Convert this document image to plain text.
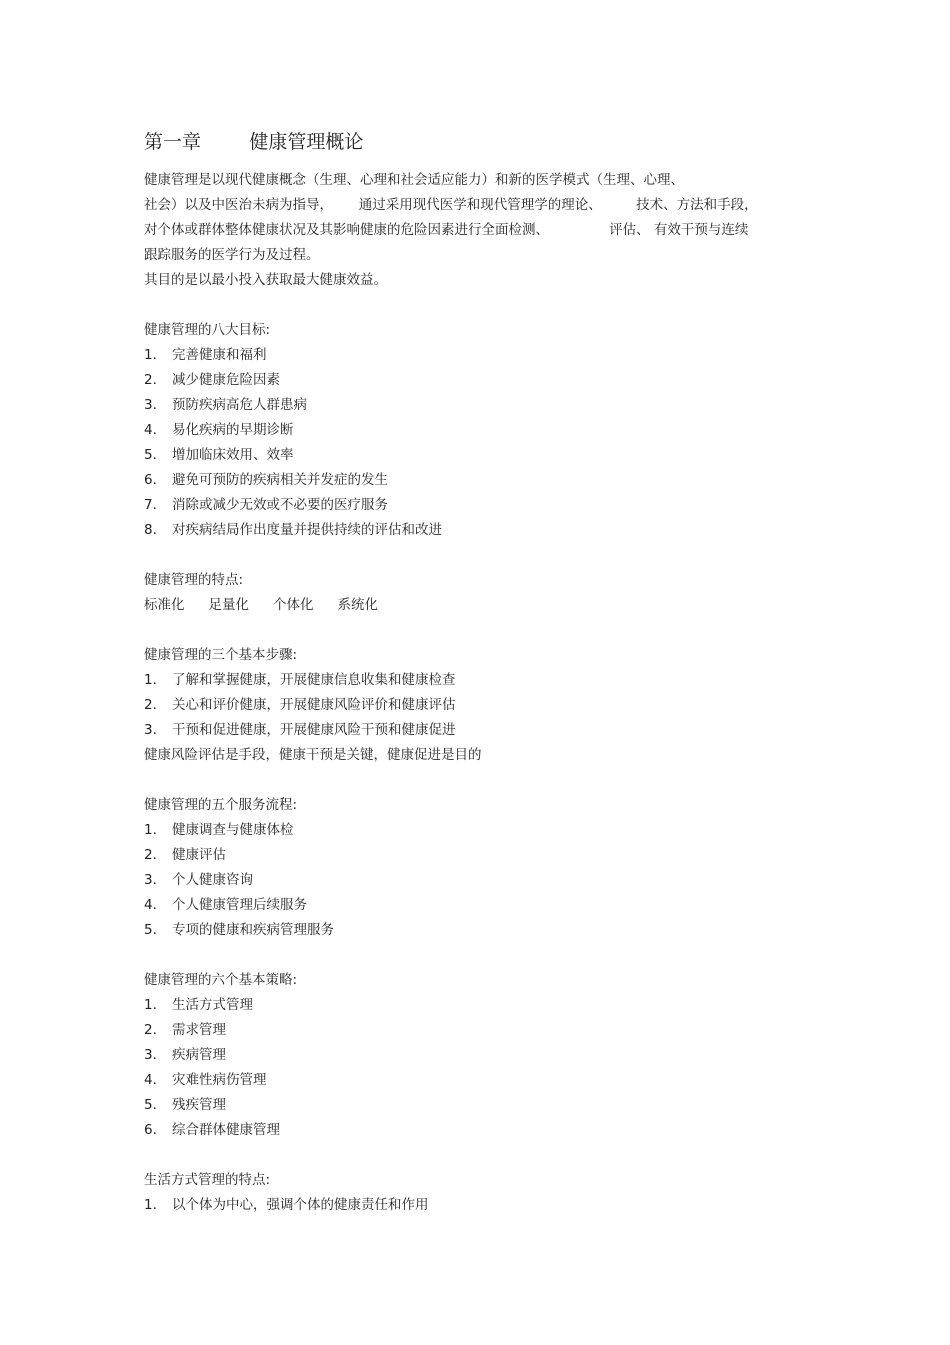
第一章        健康管理概论
健康管理是以现代健康概念（生理、心理和社会适应能力）和新的医学模式（生理、心理、
社会）以及中医治未病为指导，      通过采用现代医学和现代管理学的理论、        技术、方法和手段，
对个体或群体整体健康状况及其影响健康的危险因素进行全面检测、              评估、 有效干预与连续
跟踪服务的医学行为及过程。
其目的是以最小投入获取最大健康效益。
健康管理的八大目标:
1. 完善健康和福利
2. 减少健康危险因素
3. 预防疾病高危人群患病
4. 易化疾病的早期诊断
5. 增加临床效用、效率
6. 避免可预防的疾病相关并发症的发生
7. 消除或减少无效或不必要的医疗服务
8. 对疾病结局作出度量并提供持续的评估和改进
健康管理的特点:
标准化 足量化 个体化 系统化
健康管理的三个基本步骤:
1. 了解和掌握健康，开展健康信息收集和健康检查
2. 关心和评价健康，开展健康风险评价和健康评估
3. 干预和促进健康，开展健康风险干预和健康促进
健康风险评估是手段，健康干预是关键，健康促进是目的
健康管理的五个服务流程:
1. 健康调查与健康体检
2. 健康评估
3. 个人健康咨询
4. 个人健康管理后续服务
5. 专项的健康和疾病管理服务
健康管理的六个基本策略:
1. 生活方式管理
2. 需求管理
3. 疾病管理
4. 灾难性病伤管理
5. 残疾管理
6. 综合群体健康管理
生活方式管理的特点:
1. 以个体为中心，强调个体的健康责任和作用
